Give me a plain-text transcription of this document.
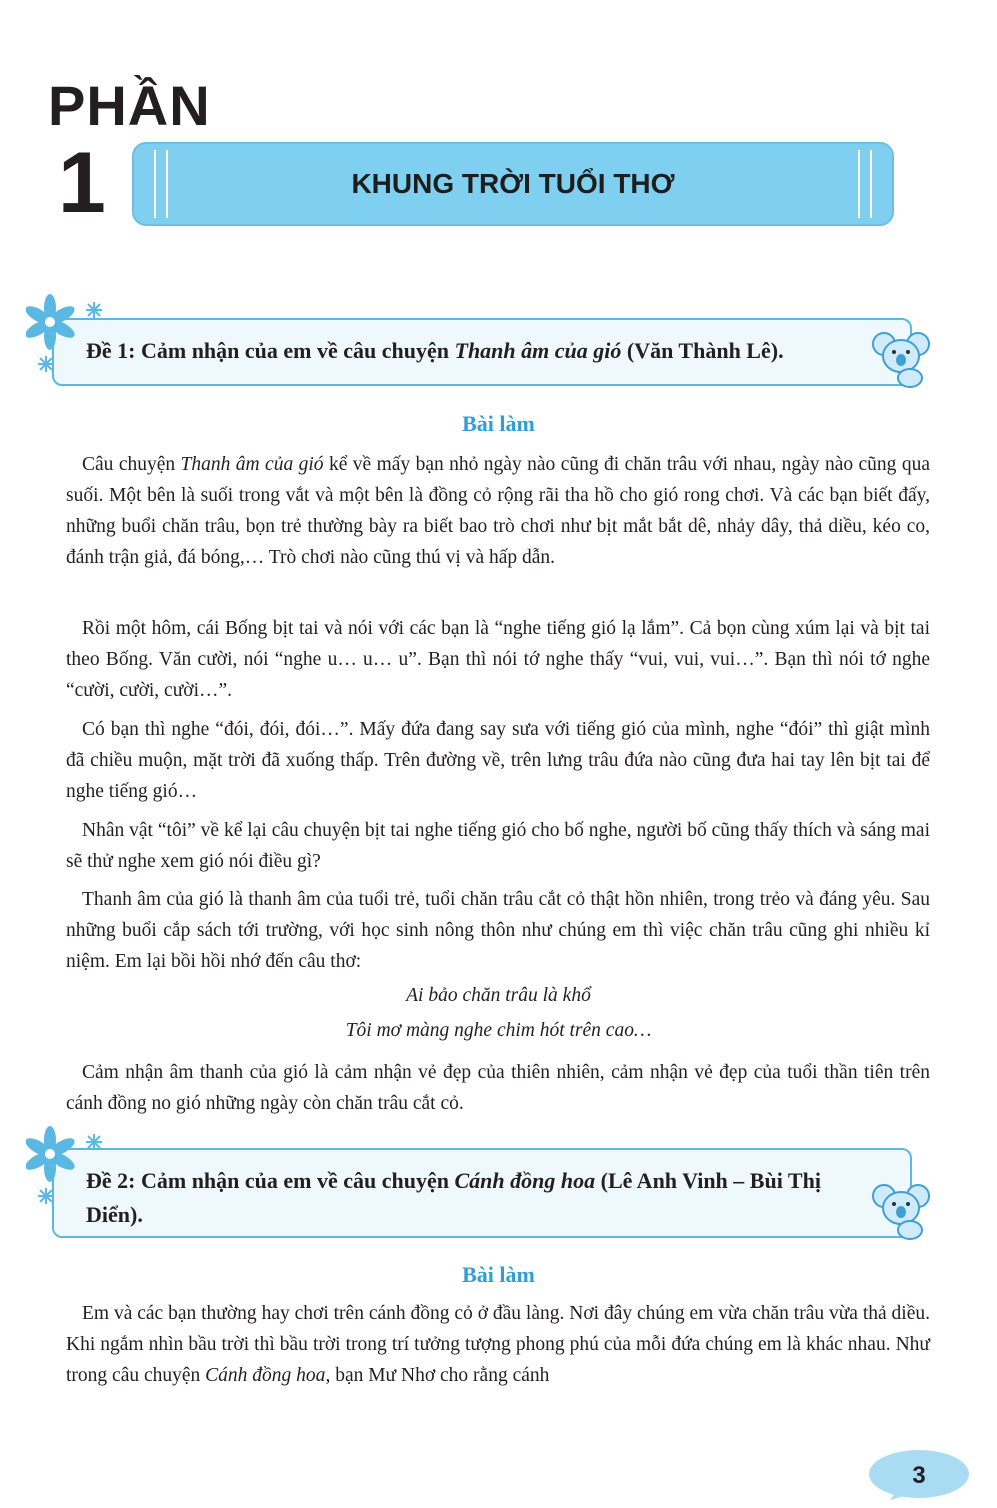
PHẦN
1	KHUNG TRỜI TUỔI THƠ
Đề 1: Cảm nhận của em về câu chuyện Thanh âm của gió (Văn Thành Lê).
Bài làm

Câu chuyện Thanh âm của gió kể về mấy bạn nhỏ ngày nào cũng đi chăn trâu với nhau, ngày nào cũng qua suối. Một bên là suối trong vắt và một bên là đồng cỏ rộng rãi tha hồ cho gió rong chơi. Và các bạn biết đấy, những buổi chăn trâu, bọn trẻ thường bày ra biết bao trò chơi như bịt mắt bắt dê, nhảy dây, thả diều, kéo co, đánh trận giả, đá bóng,… Trò chơi nào cũng thú vị và hấp dẫn.

Rồi một hôm, cái Bống bịt tai và nói với các bạn là “nghe tiếng gió lạ lắm”. Cả bọn cùng xúm lại và bịt tai theo Bống. Văn cười, nói “nghe u… u… u”. Bạn thì nói tớ nghe thấy “vui, vui, vui…”. Bạn thì nói tớ nghe “cười, cười, cười…”.

Có bạn thì nghe “đói, đói, đói…”. Mấy đứa đang say sưa với tiếng gió của mình, nghe “đói” thì giật mình đã chiều muộn, mặt trời đã xuống thấp. Trên đường về, trên lưng trâu đứa nào cũng đưa hai tay lên bịt tai để nghe tiếng gió…

Nhân vật “tôi” về kể lại câu chuyện bịt tai nghe tiếng gió cho bố nghe, người bố cũng thấy thích và sáng mai sẽ thử nghe xem gió nói điều gì?

Thanh âm của gió là thanh âm của tuổi trẻ, tuổi chăn trâu cắt cỏ thật hồn nhiên, trong trẻo và đáng yêu. Sau những buổi cắp sách tới trường, với học sinh nông thôn như chúng em thì việc chăn trâu cũng ghi nhiều kỉ niệm. Em lại bồi hồi nhớ đến câu thơ:

Ai bảo chăn trâu là khổ
Tôi mơ màng nghe chim hót trên cao…

Cảm nhận âm thanh của gió là cảm nhận vẻ đẹp của thiên nhiên, cảm nhận vẻ đẹp của tuổi thần tiên trên cánh đồng no gió những ngày còn chăn trâu cắt cỏ.

Đề 2: Cảm nhận của em về câu chuyện Cánh đồng hoa (Lê Anh Vinh – Bùi Thị Diển).
Bài làm

Em và các bạn thường hay chơi trên cánh đồng cỏ ở đầu làng. Nơi đây chúng em vừa chăn trâu vừa thả diều. Khi ngắm nhìn bầu trời thì bầu trời trong trí tưởng tượng phong phú của mỗi đứa chúng em là khác nhau. Như trong câu chuyện Cánh đồng hoa, bạn Mư Nhơ cho rằng cánh

3
